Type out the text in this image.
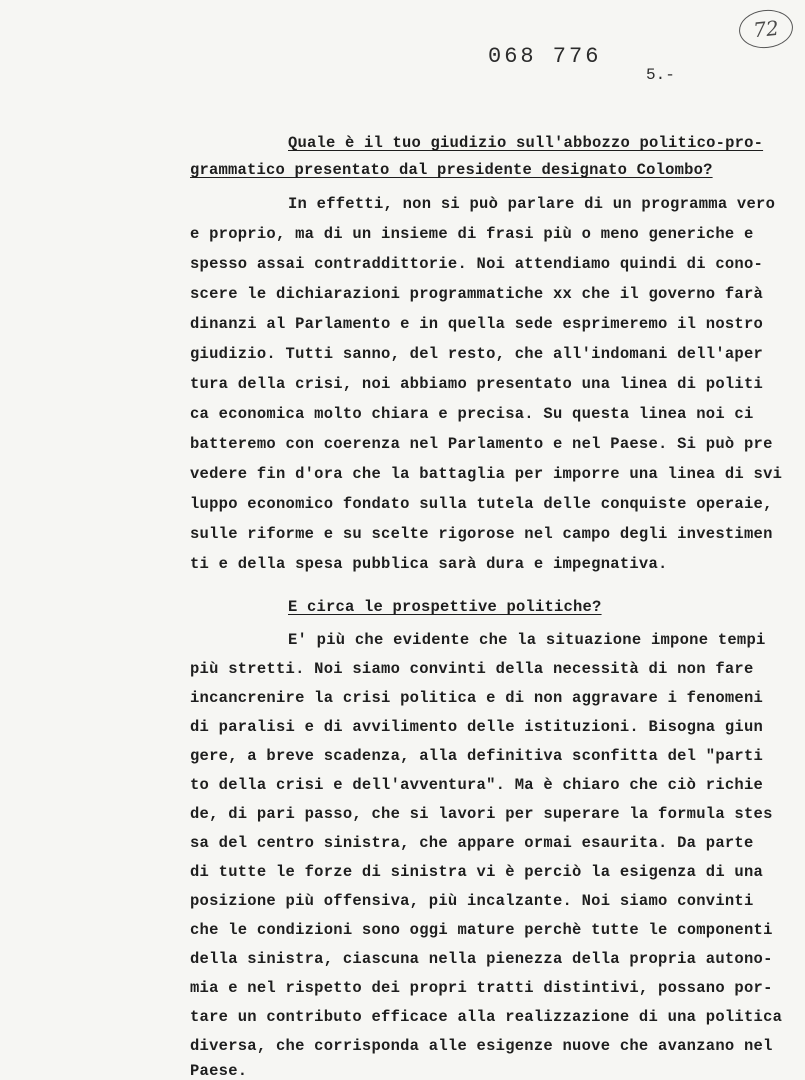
068 776

5.-

72

Quale è il tuo giudizio sull'abbozzo politico-pro-

grammatico presentato dal presidente designato Colombo?

In effetti, non si può parlare di un programma vero

e proprio, ma di un insieme di frasi più o meno generiche e

spesso assai contraddittorie. Noi attendiamo quindi di cono-

scere le dichiarazioni programmatiche xx che il governo farà

dinanzi al Parlamento e in quella sede esprimeremo il nostro

giudizio. Tutti sanno, del resto, che all'indomani dell'aper

tura della crisi, noi abbiamo presentato una linea di politi

ca economica molto chiara e precisa. Su questa linea noi ci

batteremo con coerenza nel Parlamento e nel Paese. Si può pre

vedere fin d'ora che la battaglia per imporre una linea di svi

luppo economico fondato sulla tutela delle conquiste operaie,

sulle riforme e su scelte rigorose nel campo degli investimen

ti e della spesa pubblica sarà dura e impegnativa.

E circa le prospettive politiche?

E' più che evidente che la situazione impone tempi

più stretti. Noi siamo convinti della necessità di non fare

incancrenire la crisi politica e di non aggravare i fenomeni

di paralisi e di avvilimento delle istituzioni. Bisogna giun

gere, a breve scadenza, alla definitiva sconfitta del "parti

to della crisi e dell'avventura". Ma è chiaro che ciò richie

de, di pari passo, che si lavori per superare la formula stes

sa del centro sinistra, che appare ormai esaurita. Da parte

di tutte le forze di sinistra vi è perciò la esigenza di una

posizione più offensiva, più incalzante. Noi siamo convinti

che le condizioni sono oggi mature perchè tutte le componenti

della sinistra, ciascuna nella pienezza della propria autono-

mia e nel rispetto dei propri tratti distintivi, possano por-

tare un contributo efficace alla realizzazione di una politica

diversa, che corrisponda alle esigenze nuove che avanzano nel

Paese.
